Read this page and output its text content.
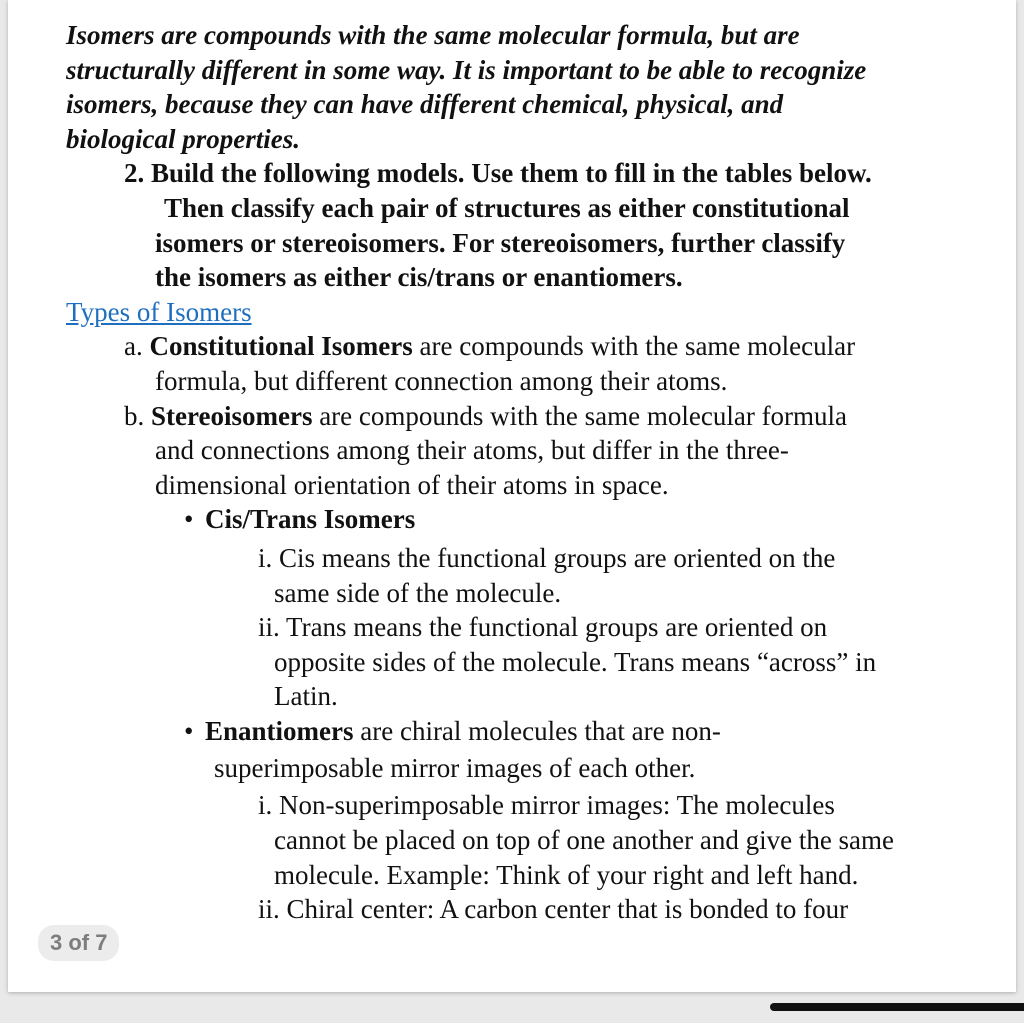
Isomers are compounds with the same molecular formula, but are
structurally different in some way. It is important to be able to recognize
isomers, because they can have different chemical, physical, and
biological properties.

2. Build the following models. Use them to fill in the tables below.
Then classify each pair of structures as either constitutional
isomers or stereoisomers. For stereoisomers, further classify
the isomers as either cis/trans or enantiomers.
Types of Isomers
a. Constitutional Isomers are compounds with the same molecular
formula, but different connection among their atoms.
b. Stereoisomers are compounds with the same molecular formula
and connections among their atoms, but differ in the three-
dimensional orientation of their atoms in space.
• Cis/Trans Isomers
i. Cis means the functional groups are oriented on the
same side of the molecule.
ii. Trans means the functional groups are oriented on
opposite sides of the molecule. Trans means “across” in
Latin.
• Enantiomers are chiral molecules that are non-
superimposable mirror images of each other.
i. Non-superimposable mirror images: The molecules
cannot be placed on top of one another and give the same
molecule. Example: Think of your right and left hand.
ii. Chiral center: A carbon center that is bonded to four
3 of 7
